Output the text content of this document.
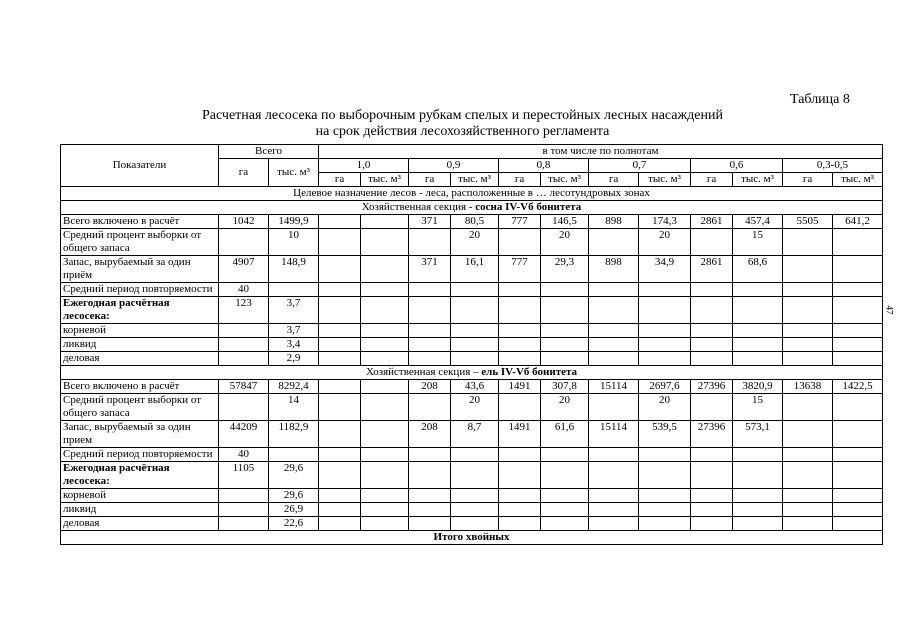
Таблица 8
Расчетная лесосека по выборочным рубкам спелых и перестойных лесных насаждений
на срок действия лесохозяйственного регламента
47
Показатели	Всего		в том числе по полнотам											
	га	тыс. м³	1,0		0,9		0,8		0,7		0,6		0,3-0,5	
			га	тыс. м³	га	тыс. м³	га	тыс. м³	га	тыс. м³	га	тыс. м³	га	тыс. м³
Целевое назначение лесов - леса, расположенные в … лесотундровых зонах														
Хозяйственная секция - сосна IV-Vб бонитета														
Всего включено в расчёт	1042	1499,9			371	80,5	777	146,5	898	174,3	2861	457,4	5505	641,2
Средний процент выборки от общего запаса		10				20		20		20		15		
Запас, вырубаемый за один приём	4907	148,9			371	16,1	777	29,3	898	34,9	2861	68,6		
Средний период повторяемости	40													
Ежегодная расчётная лесосека:	123	3,7												
корневой		3,7												
ликвид		3,4												
деловая		2,9												
Хозяйственная секция – ель IV-Vб бонитета														
Всего включено в расчёт	57847	8292,4			208	43,6	1491	307,8	15114	2697,6	27396	3820,9	13638	1422,5
Средний процент выборки от общего запаса		14				20		20		20		15		
Запас, вырубаемый за один прием	44209	1182,9			208	8,7	1491	61,6	15114	539,5	27396	573,1		
Средний период повторяемости	40													
Ежегодная расчётная лесосека:	1105	29,6												
корневой		29,6												
ликвид		26,9												
деловая		22,6												
Итого хвойных														
